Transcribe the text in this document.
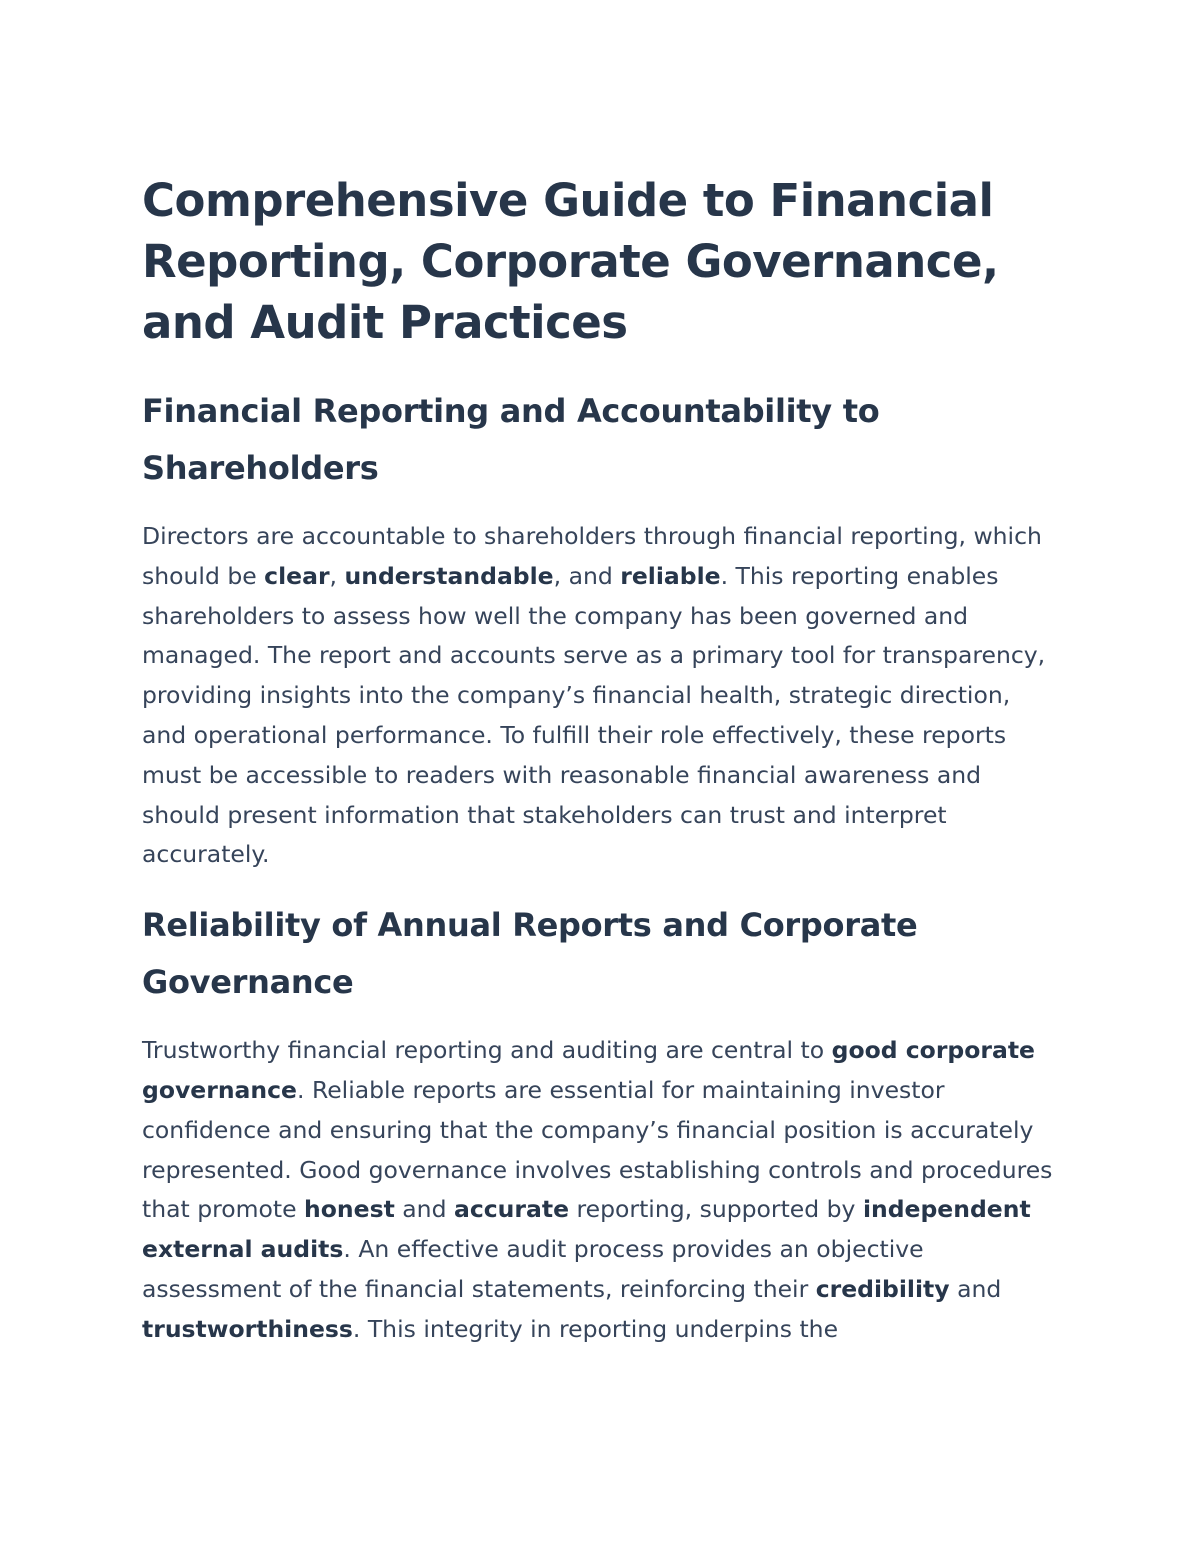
Comprehensive Guide to Financial Reporting, Corporate Governance, and Audit Practices
Financial Reporting and Accountability to Shareholders

Directors are accountable to shareholders through financial reporting, which should be clear, understandable, and reliable. This reporting enables shareholders to assess how well the company has been governed and managed. The report and accounts serve as a primary tool for transparency, providing insights into the company’s financial health, strategic direction, and operational performance. To fulfill their role effectively, these reports must be accessible to readers with reasonable financial awareness and should present information that stakeholders can trust and interpret accurately.

Reliability of Annual Reports and Corporate Governance

Trustworthy financial reporting and auditing are central to good corporate governance. Reliable reports are essential for maintaining investor confidence and ensuring that the company’s financial position is accurately represented. Good governance involves establishing controls and procedures that promote honest and accurate reporting, supported by independent external audits. An effective audit process provides an objective assessment of the financial statements, reinforcing their credibility and trustworthiness. This integrity in reporting underpins the
